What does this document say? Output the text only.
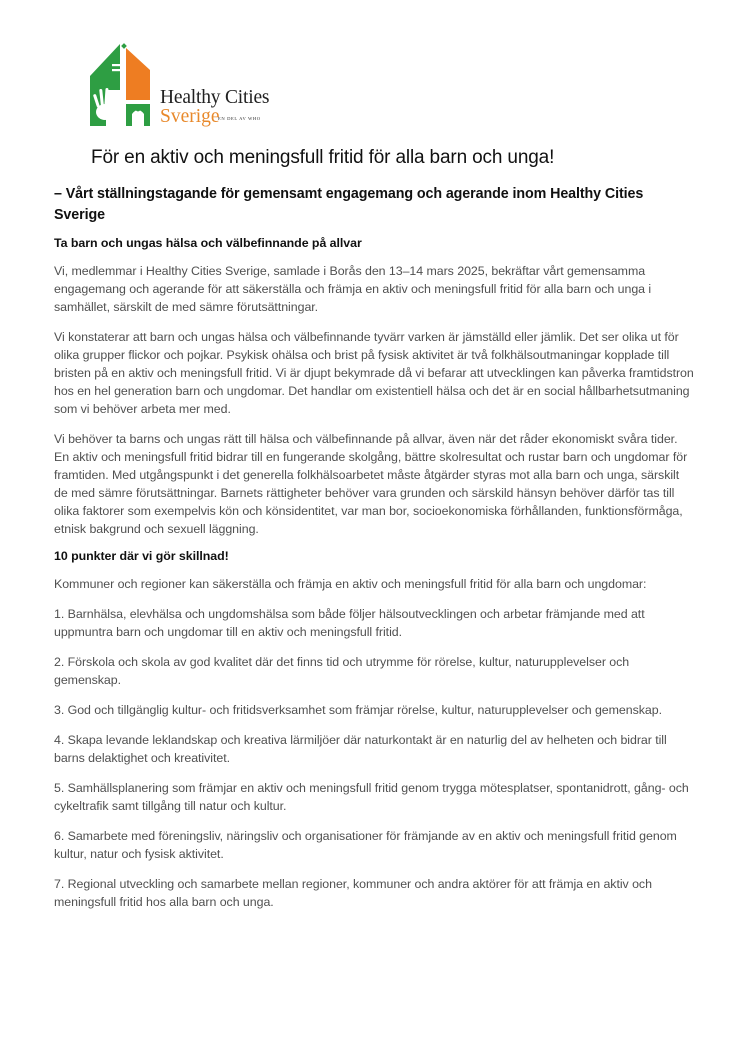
Healthy Cities
Sverige
EN DEL AV WHO
För en aktiv och meningsfull fritid för alla barn och unga!
– Vårt ställningstagande för gemensamt engagemang och agerande inom Healthy Cities Sverige
Ta barn och ungas hälsa och välbefinnande på allvar

Vi, medlemmar i Healthy Cities Sverige, samlade i Borås den 13–14 mars 2025, bekräftar vårt gemensamma engagemang och agerande för att säkerställa och främja en aktiv och meningsfull fritid för alla barn och unga i samhället, särskilt de med sämre förutsättningar.

Vi konstaterar att barn och ungas hälsa och välbefinnande tyvärr varken är jämställd eller jämlik. Det ser olika ut för olika grupper flickor och pojkar. Psykisk ohälsa och brist på fysisk aktivitet är två folkhälsoutmaningar kopplade till bristen på en aktiv och meningsfull fritid. Vi är djupt bekymrade då vi befarar att utvecklingen kan påverka framtidstron hos en hel generation barn och ungdomar. Det handlar om existentiell hälsa och det är en social hållbarhetsutmaning som vi behöver arbeta mer med.

Vi behöver ta barns och ungas rätt till hälsa och välbefinnande på allvar, även när det råder ekonomiskt svåra tider. En aktiv och meningsfull fritid bidrar till en fungerande skolgång, bättre skolresultat och rustar barn och ungdomar för framtiden. Med utgångspunkt i det generella folkhälsoarbetet måste åtgärder styras mot alla barn och unga, särskilt de med sämre förutsättningar. Barnets rättigheter behöver vara grunden och särskild hänsyn behöver därför tas till olika faktorer som exempelvis kön och könsidentitet, var man bor, socioekonomiska förhållanden, funktionsförmåga, etnisk bakgrund och sexuell läggning.

10 punkter där vi gör skillnad!

Kommuner och regioner kan säkerställa och främja en aktiv och meningsfull fritid för alla barn och ungdomar:

1. Barnhälsa, elevhälsa och ungdomshälsa som både följer hälsoutvecklingen och arbetar främjande med att uppmuntra barn och ungdomar till en aktiv och meningsfull fritid.

2. Förskola och skola av god kvalitet där det finns tid och utrymme för rörelse, kultur, naturupplevelser och gemenskap.

3. God och tillgänglig kultur- och fritidsverksamhet som främjar rörelse, kultur, naturupplevelser och gemenskap.

4. Skapa levande leklandskap och kreativa lärmiljöer där naturkontakt är en naturlig del av helheten och bidrar till barns delaktighet och kreativitet.

5. Samhällsplanering som främjar en aktiv och meningsfull fritid genom trygga mötesplatser, spontanidrott, gång- och cykeltrafik samt tillgång till natur och kultur.

6. Samarbete med föreningsliv, näringsliv och organisationer för främjande av en aktiv och meningsfull fritid genom kultur, natur och fysisk aktivitet.

7. Regional utveckling och samarbete mellan regioner, kommuner och andra aktörer för att främja en aktiv och meningsfull fritid hos alla barn och unga.
